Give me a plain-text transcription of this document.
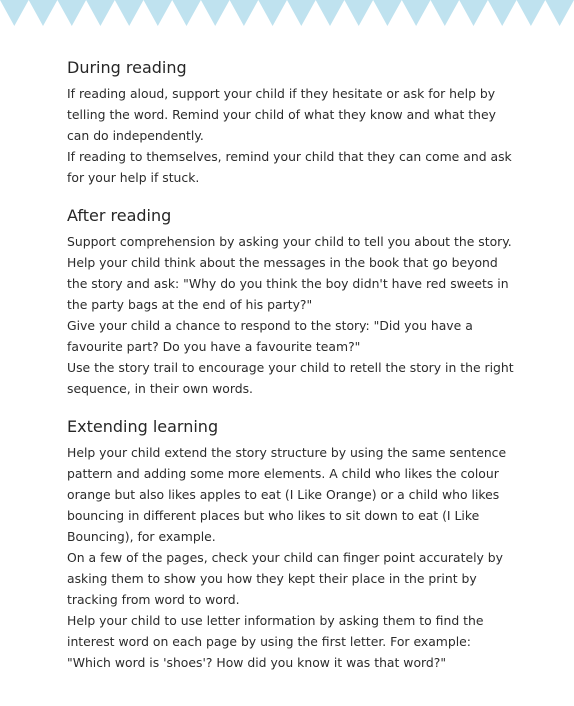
During reading

If reading aloud, support your child if they hesitate or ask for help by telling the word. Remind your child of what they know and what they can do independently.

If reading to themselves, remind your child that they can come and ask for your help if stuck.

After reading

Support comprehension by asking your child to tell you about the story. Help your child think about the messages in the book that go beyond the story and ask: "Why do you think the boy didn't have red sweets in the party bags at the end of his party?"

Give your child a chance to respond to the story: "Did you have a favourite part? Do you have a favourite team?"

Use the story trail to encourage your child to retell the story in the right sequence, in their own words.

Extending learning

Help your child extend the story structure by using the same sentence pattern and adding some more elements. A child who likes the colour orange but also likes apples to eat (I Like Orange) or a child who likes bouncing in different places but who likes to sit down to eat (I Like Bouncing), for example.

On a few of the pages, check your child can finger point accurately by asking them to show you how they kept their place in the print by tracking from word to word.

Help your child to use letter information by asking them to find the interest word on each page by using the first letter. For example: "Which word is 'shoes'? How did you know it was that word?"
